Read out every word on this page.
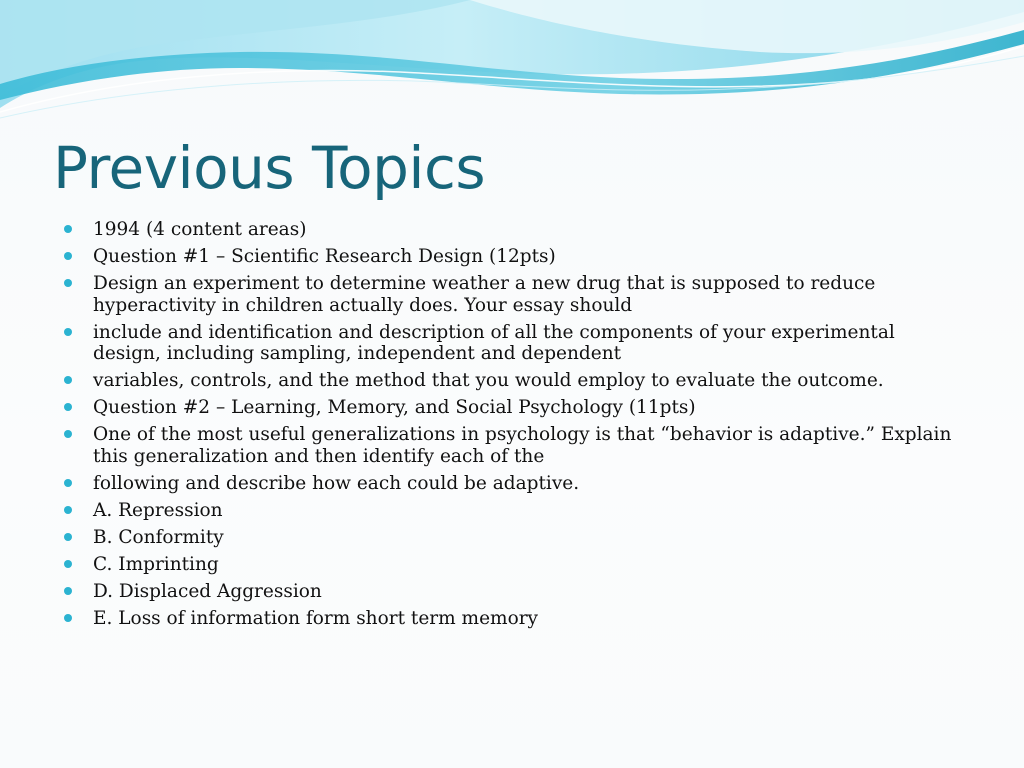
Previous Topics
1994 (4 content areas)
Question #1 – Scientific Research Design (12pts)
Design an experiment to determine weather a new drug that is supposed to reduce hyperactivity in children actually does. Your essay should
include and identification and description of all the components of your experimental design, including sampling, independent and dependent
variables, controls, and the method that you would employ to evaluate the outcome.
Question #2 – Learning, Memory, and Social Psychology (11pts)
One of the most useful generalizations in psychology is that “behavior is adaptive.” Explain this generalization and then identify each of the
following and describe how each could be adaptive.
A. Repression
B. Conformity
C. Imprinting
D. Displaced Aggression
E. Loss of information form short term memory
